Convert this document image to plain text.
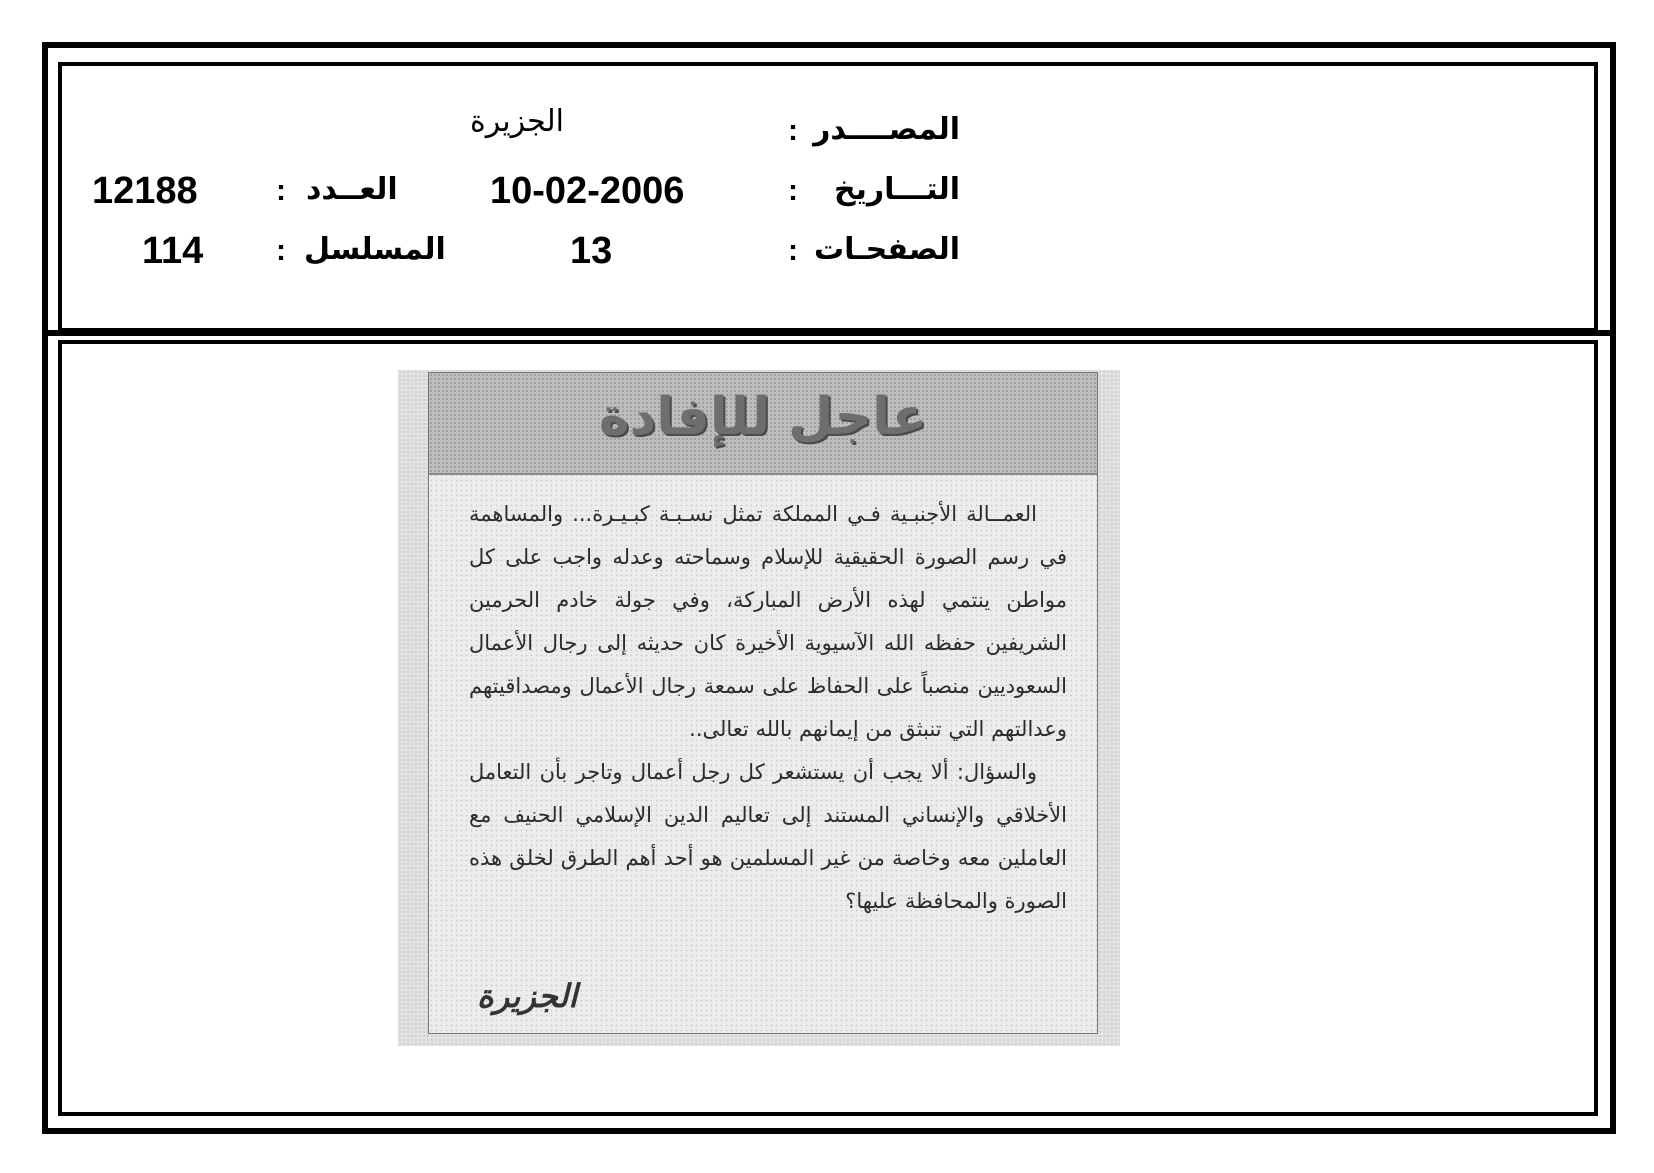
المصــــدر
:
الجزيرة
التـــاريخ
:
10-02-2006
العــدد
:
12188
الصفحـات
:
13
المسلسل
:
114
عاجل للإفادة

العمــالة الأجنبـية فـي المملكة تمثل نسـبـة كبـيـرة... والمساهمة في رسم الصورة الحقيقية للإسلام وسماحته وعدله واجب على كل مواطن ينتمي لهذه الأرض المباركة، وفي جولة خادم الحرمين الشريفين حفظه الله الآسيوية الأخيرة كان حديثه إلى رجال الأعمال السعوديين منصباً على الحفاظ على سمعة رجال الأعمال ومصداقيتهم وعدالتهم التي تنبثق من إيمانهم بالله تعالى..

والسؤال: ألا يجب أن يستشعر كل رجل أعمال وتاجر بأن التعامل الأخلاقي والإنساني المستند إلى تعاليم الدين الإسلامي الحنيف مع العاملين معه وخاصة من غير المسلمين هو أحد أهم الطرق لخلق هذه الصورة والمحافظة عليها؟

الجزيرة
